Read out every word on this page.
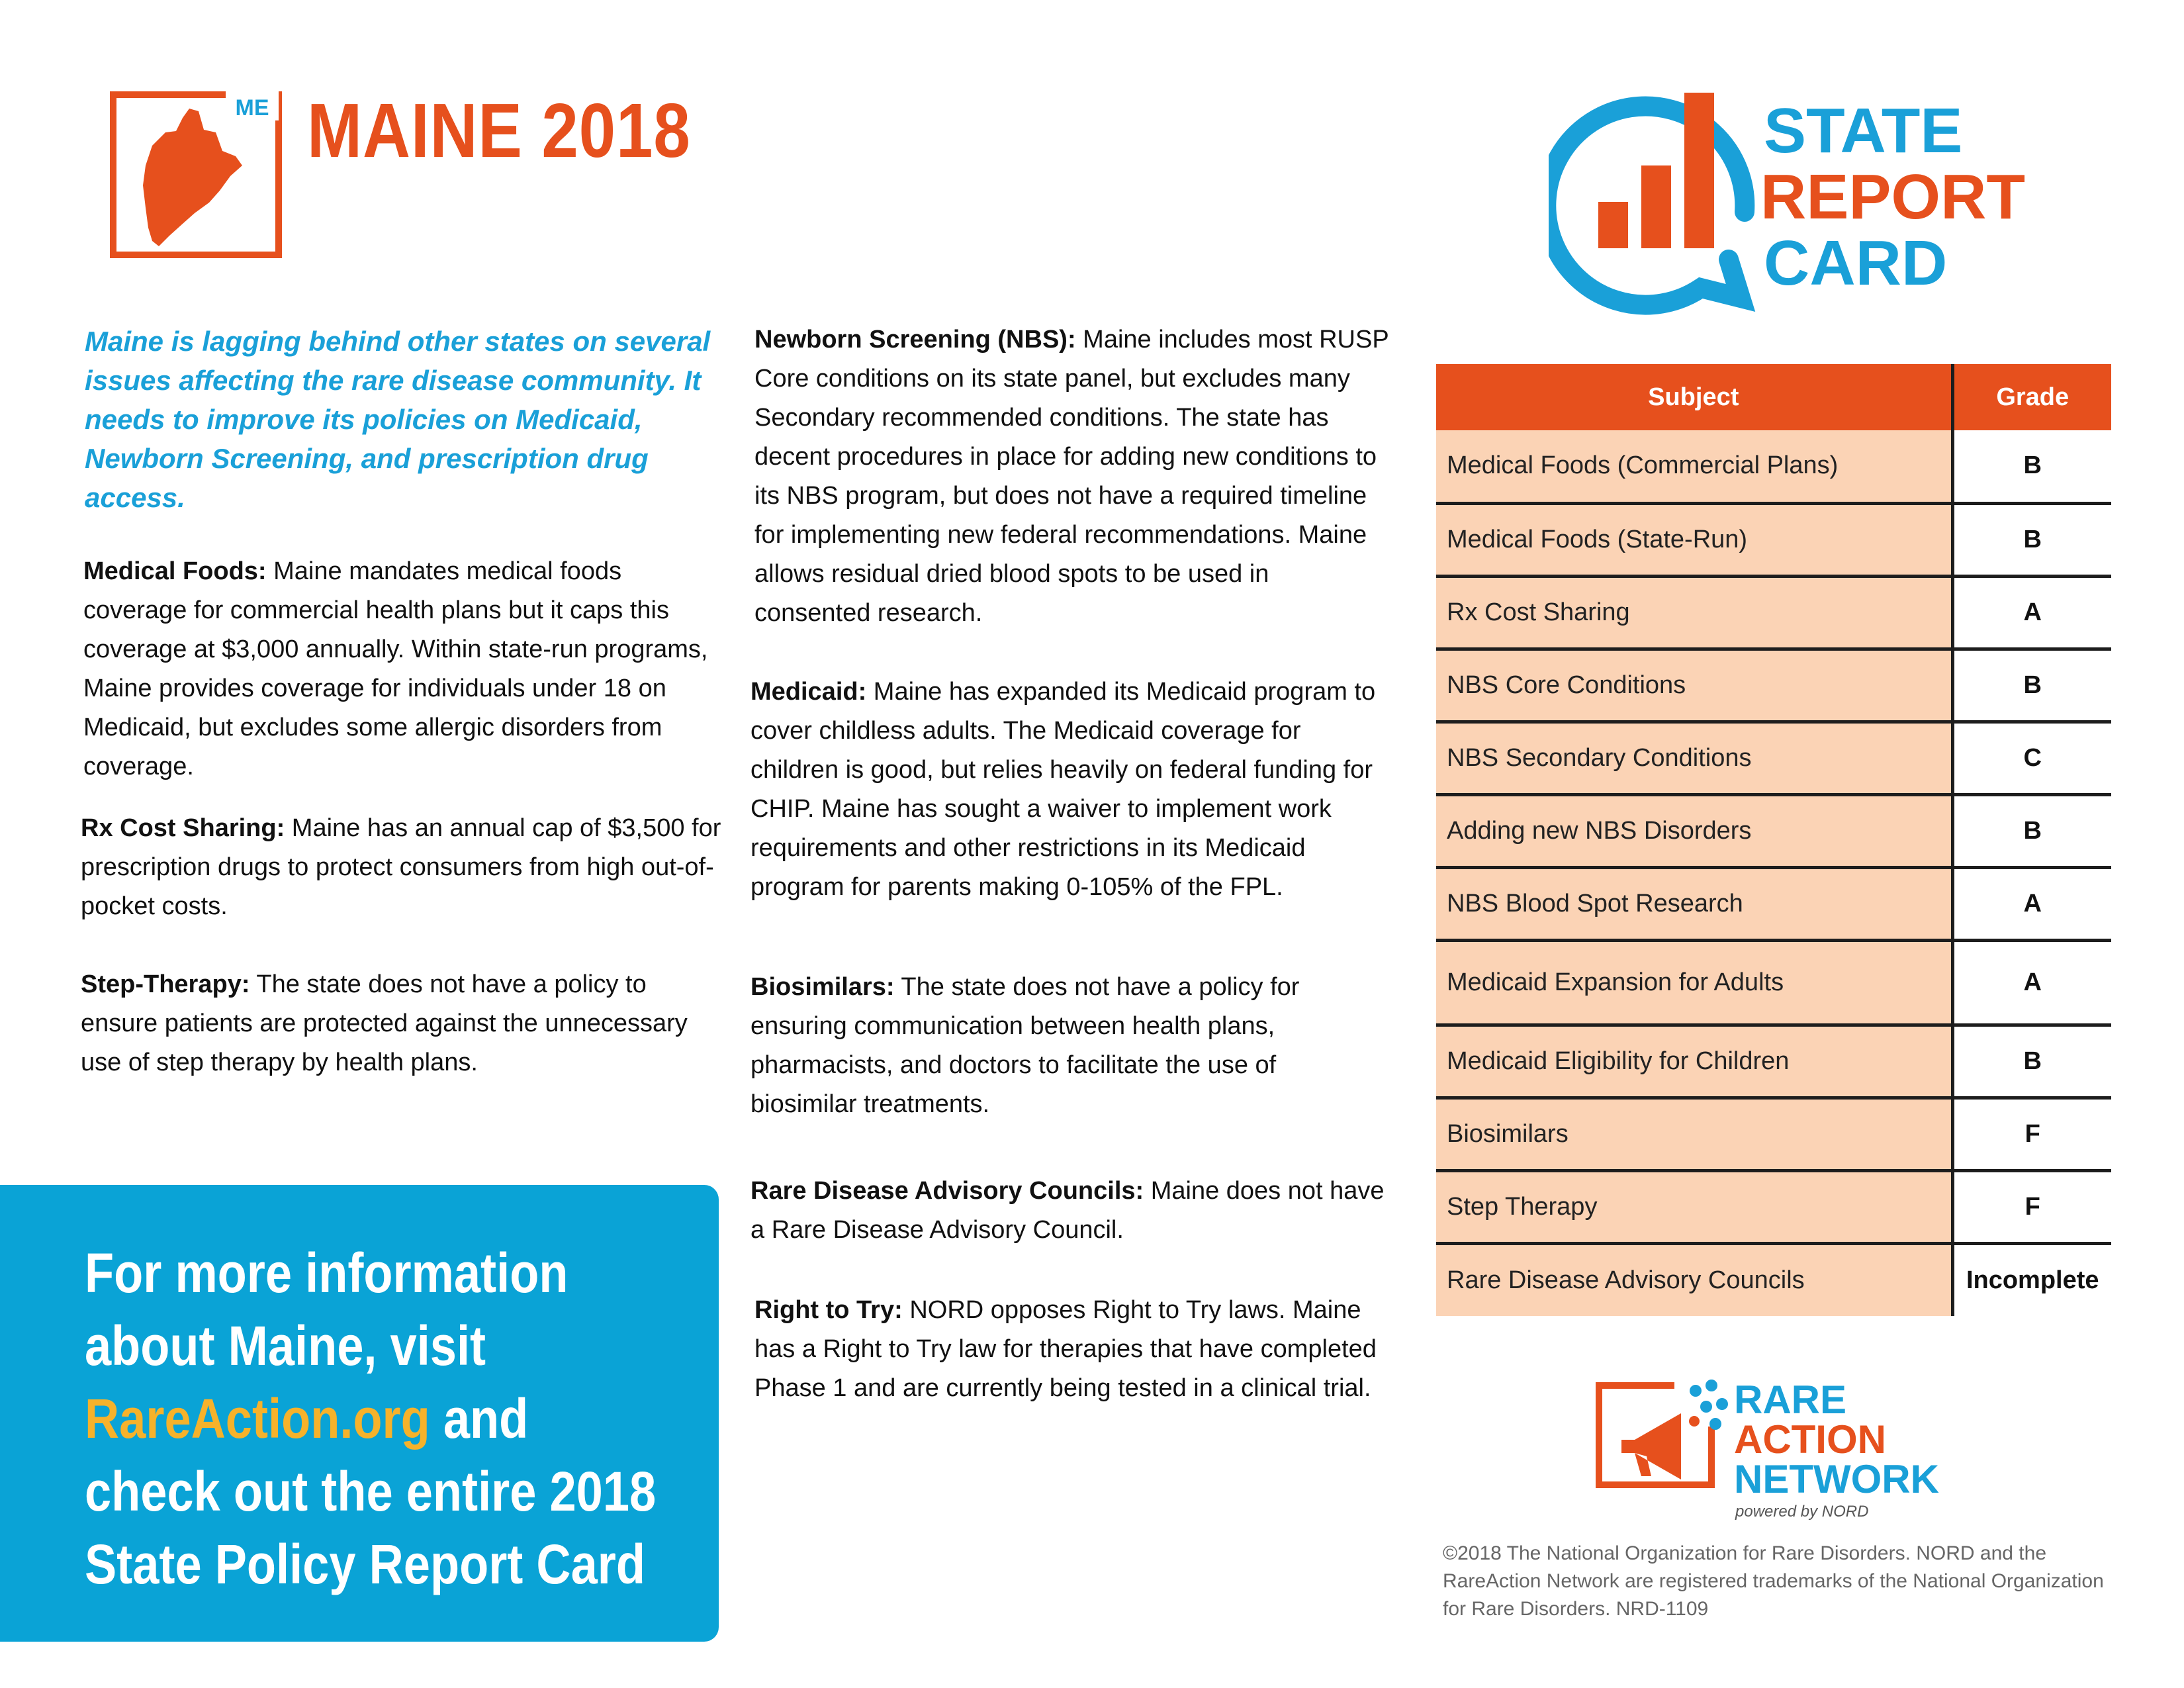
ME MAINE 2018	STATE
REPORT
CARD
Maine is lagging behind other states on several issues affecting the rare disease community. It needs to improve its policies on Medicaid, Newborn Screening, and prescription drug access.
Medical Foods: Maine mandates medical foods coverage for commercial health plans but it caps this coverage at $3,000 annually. Within state-run programs, Maine provides coverage for individuals under 18 on Medicaid, but excludes some allergic disorders from coverage.
Rx Cost Sharing: Maine has an annual cap of $3,500 for prescription drugs to protect consumers from high out-of-pocket costs.
Step-Therapy: The state does not have a policy to ensure patients are protected against the unnecessary use of step therapy by health plans.
Newborn Screening (NBS): Maine includes most RUSP Core conditions on its state panel, but excludes many Secondary recommended conditions. The state has decent procedures in place for adding new conditions to its NBS program, but does not have a required timeline for implementing new federal recommendations. Maine allows residual dried blood spots to be used in consented research.
Medicaid: Maine has expanded its Medicaid program to cover childless adults. The Medicaid coverage for children is good, but relies heavily on federal funding for CHIP. Maine has sought a waiver to implement work requirements and other restrictions in its Medicaid program for parents making 0-105% of the FPL.
Biosimilars: The state does not have a policy for ensuring communication between health plans, pharmacists, and doctors to facilitate the use of biosimilar treatments.
Rare Disease Advisory Councils: Maine does not have a Rare Disease Advisory Council.
Right to Try: NORD opposes Right to Try laws. Maine has a Right to Try law for therapies that have completed Phase 1 and are currently being tested in a clinical trial.
For more information about Maine, visit RareAction.org and check out the entire 2018 State Policy Report Card
Subject	Grade
Medical Foods (Commercial Plans)	B
Medical Foods (State-Run)	B
Rx Cost Sharing	A
NBS Core Conditions	B
NBS Secondary Conditions	C
Adding new NBS Disorders	B
NBS Blood Spot Research	A
Medicaid Expansion for Adults	A
Medicaid Eligibility for Children	B
Biosimilars	F
Step Therapy	F
Rare Disease Advisory Councils	Incomplete
RARE
ACTION
NETWORK
powered by NORD
©2018 The National Organization for Rare Disorders. NORD and the RareAction Network are registered trademarks of the National Organization for Rare Disorders. NRD-1109
